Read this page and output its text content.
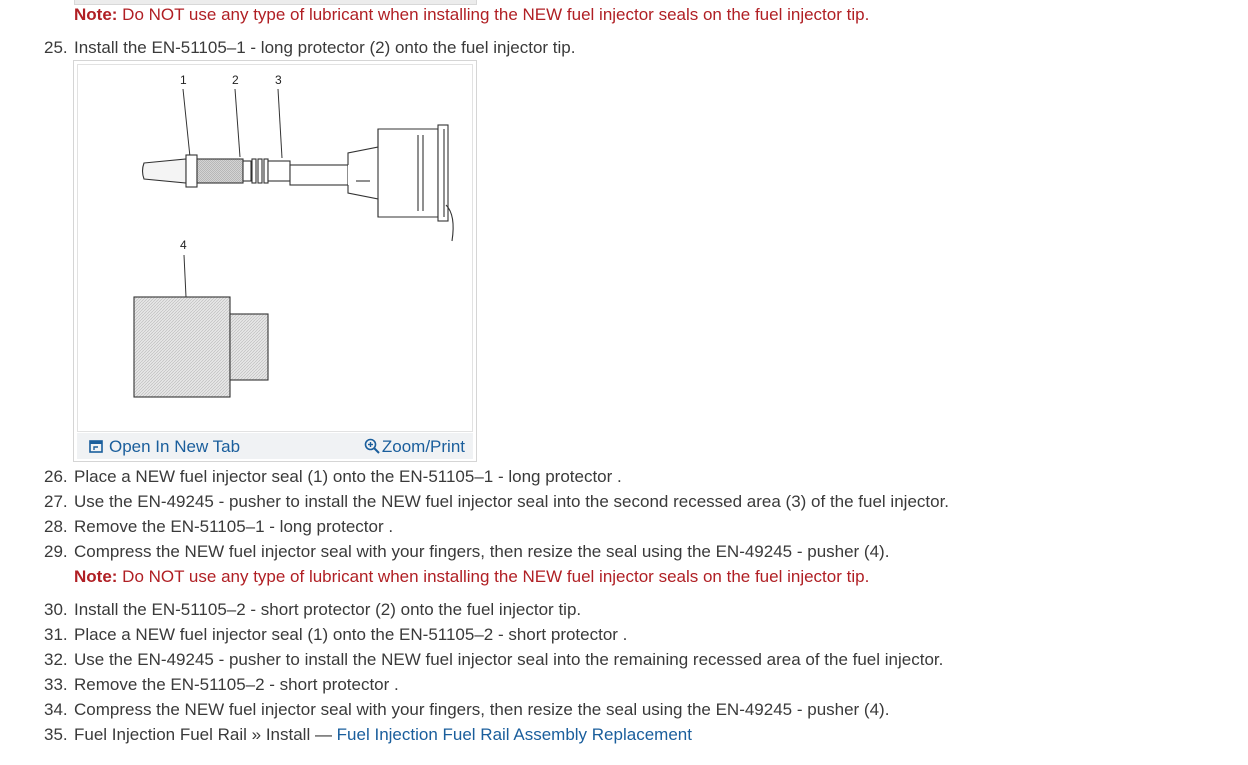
Note: Do NOT use any type of lubricant when installing the NEW fuel injector seals on the fuel injector tip.
25. Install the EN-51105–1 - long protector (2) onto the fuel injector tip.
1	2	3
4
Open In New Tab	Zoom/Print
26. Place a NEW fuel injector seal (1) onto the EN-51105–1 - long protector .
27. Use the EN-49245 - pusher to install the NEW fuel injector seal into the second recessed area (3) of the fuel injector.
28. Remove the EN-51105–1 - long protector .
29. Compress the NEW fuel injector seal with your fingers, then resize the seal using the EN-49245 - pusher (4).
Note: Do NOT use any type of lubricant when installing the NEW fuel injector seals on the fuel injector tip.
30. Install the EN-51105–2 - short protector (2) onto the fuel injector tip.
31. Place a NEW fuel injector seal (1) onto the EN-51105–2 - short protector .
32. Use the EN-49245 - pusher to install the NEW fuel injector seal into the remaining recessed area of the fuel injector.
33. Remove the EN-51105–2 - short protector .
34. Compress the NEW fuel injector seal with your fingers, then resize the seal using the EN-49245 - pusher (4).
35. Fuel Injection Fuel Rail » Install — Fuel Injection Fuel Rail Assembly Replacement
